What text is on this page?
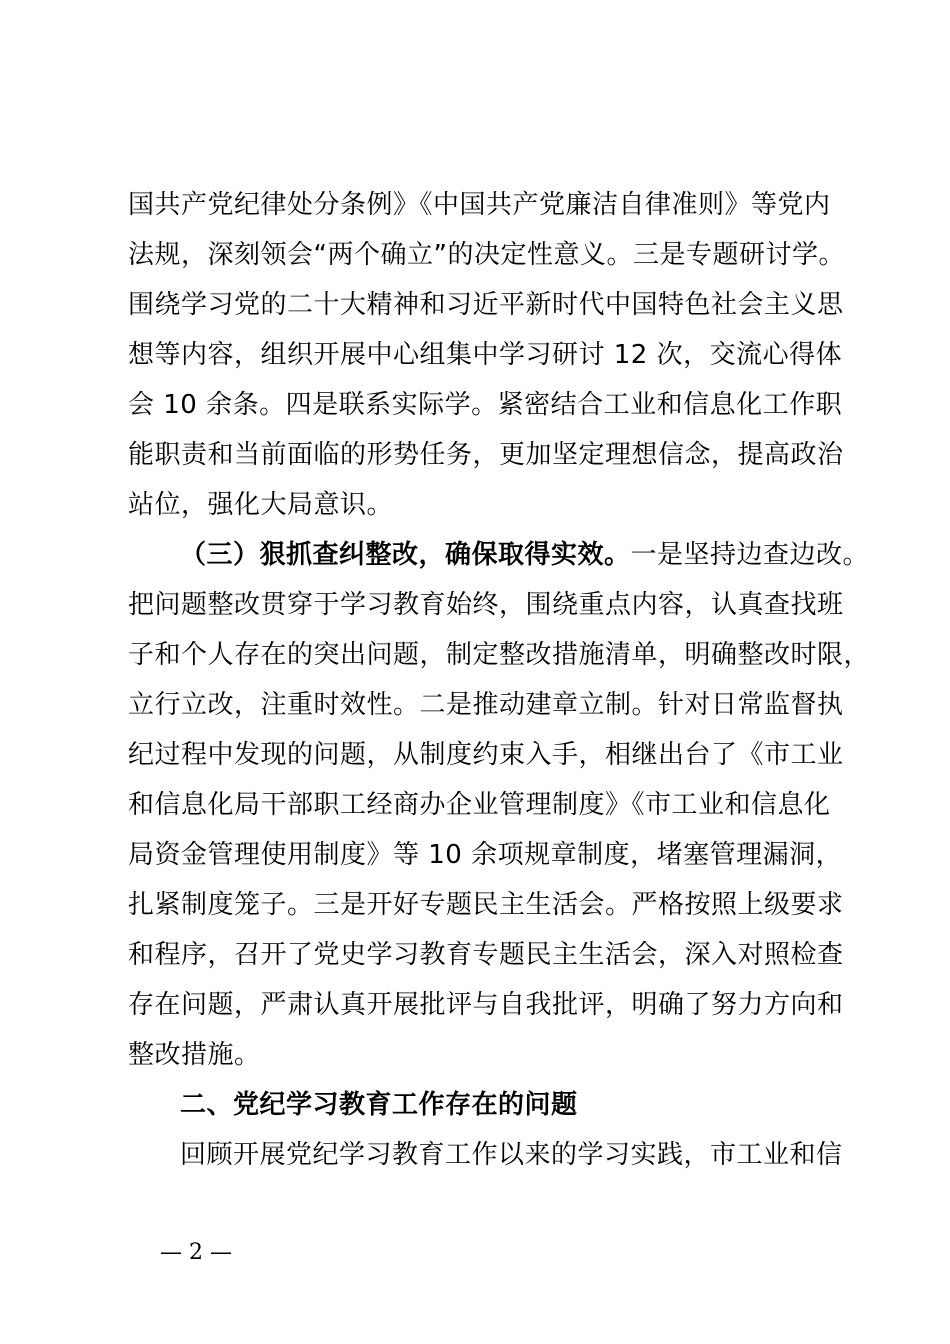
国共产党纪律处分条例》《中国共产党廉洁自律准则》等党内
法规，深刻领会“两个确立”的决定性意义。三是专题研讨学。
围绕学习党的二十大精神和习近平新时代中国特色社会主义思
想等内容，组织开展中心组集中学习研讨 12 次，交流心得体
会 10 余条。四是联系实际学。紧密结合工业和信息化工作职
能职责和当前面临的形势任务，更加坚定理想信念，提高政治
站位，强化大局意识。
（三）狠抓查纠整改，确保取得实效。一是坚持边查边改。
把问题整改贯穿于学习教育始终，围绕重点内容，认真查找班
子和个人存在的突出问题，制定整改措施清单，明确整改时限，
立行立改，注重时效性。二是推动建章立制。针对日常监督执
纪过程中发现的问题，从制度约束入手，相继出台了《市工业
和信息化局干部职工经商办企业管理制度》《市工业和信息化
局资金管理使用制度》等 10 余项规章制度，堵塞管理漏洞，
扎紧制度笼子。三是开好专题民主生活会。严格按照上级要求
和程序，召开了党史学习教育专题民主生活会，深入对照检查
存在问题，严肃认真开展批评与自我批评，明确了努力方向和
整改措施。
二、党纪学习教育工作存在的问题
回顾开展党纪学习教育工作以来的学习实践，市工业和信
— 2 —
